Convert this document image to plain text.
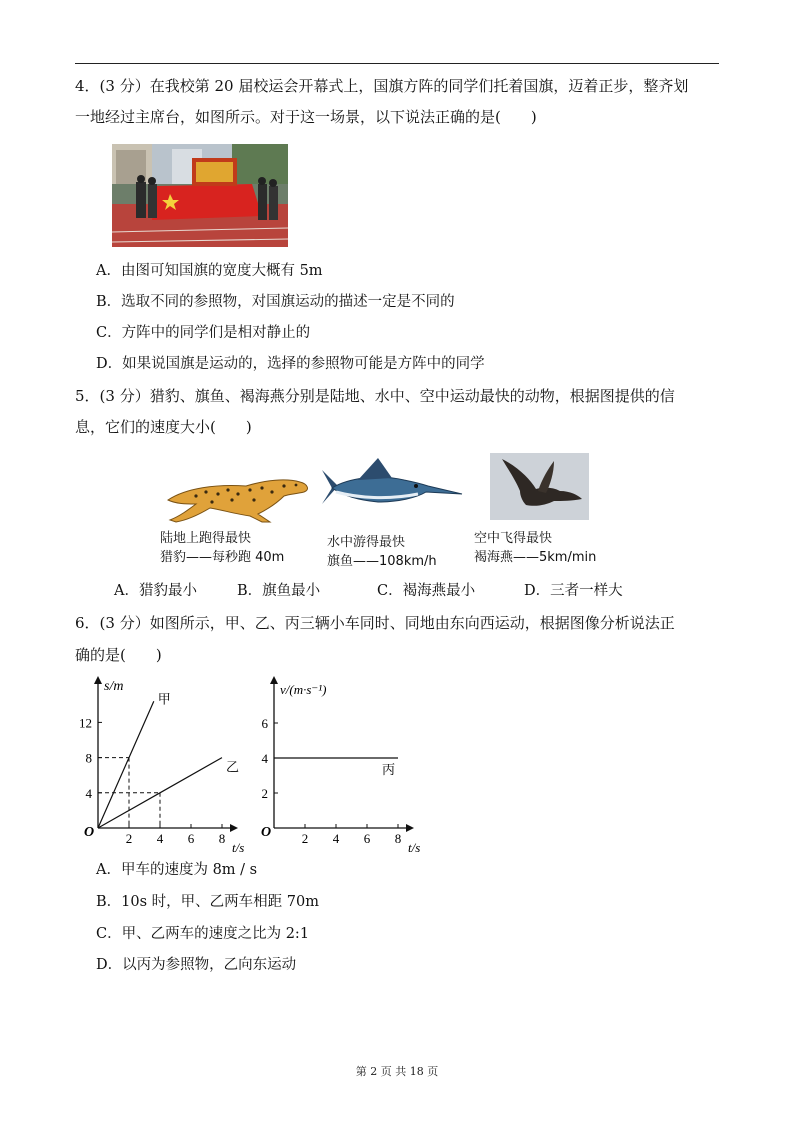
4．(3 分）在我校第 20 届校运会开幕式上，国旗方阵的同学们托着国旗，迈着正步，整齐划
一地经过主席台，如图所示。对于这一场景，以下说法正确的是( )
A．由图可知国旗的宽度大概有 5m
B．选取不同的参照物，对国旗运动的描述一定是不同的
C．方阵中的同学们是相对静止的
D．如果说国旗是运动的，选择的参照物可能是方阵中的同学
5．(3 分）猎豹、旗鱼、褐海燕分别是陆地、水中、空中运动最快的动物，根据图提供的信
息，它们的速度大小( )
陆地上跑得最快
猎豹——每秒跑 40m
水中游得最快
旗鱼——108km/h
空中飞得最快
褐海燕——5km/min
A．猎豹最小	B．旗鱼最小	C．褐海燕最小	D．三者一样大
6．(3 分）如图所示，甲、乙、丙三辆小车同时、同地由东向西运动，根据图像分析说法正
确的是( )
2 4 6 8
4
8
12
甲
乙
s/m
t/s
O	2 4 6 8
2
4
6
丙
v/(m·s⁻¹)
t/s
O
A．甲车的速度为 8m / s
B．10s 时，甲、乙两车相距 70m
C．甲、乙两车的速度之比为 2:1
D．以丙为参照物，乙向东运动
第 2 页 共 18 页
